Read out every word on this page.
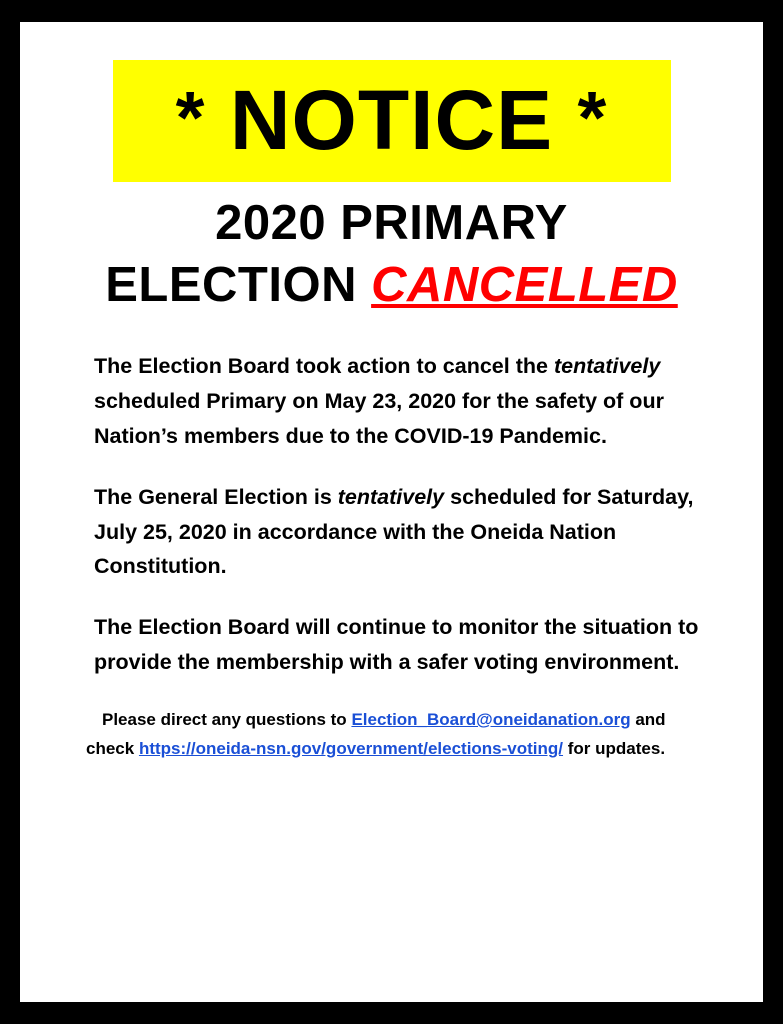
* NOTICE *
2020 PRIMARY
ELECTION CANCELLED

The Election Board took action to cancel the tentatively scheduled Primary on May 23, 2020 for the safety of our Nation’s members due to the COVID-19 Pandemic.

The General Election is tentatively scheduled for Saturday, July 25, 2020 in accordance with the Oneida Nation Constitution.

The Election Board will continue to monitor the situation to provide the membership with a safer voting environment.

Please direct any questions to Election_Board@oneidanation.org and check https://oneida-nsn.gov/government/elections-voting/ for updates.
